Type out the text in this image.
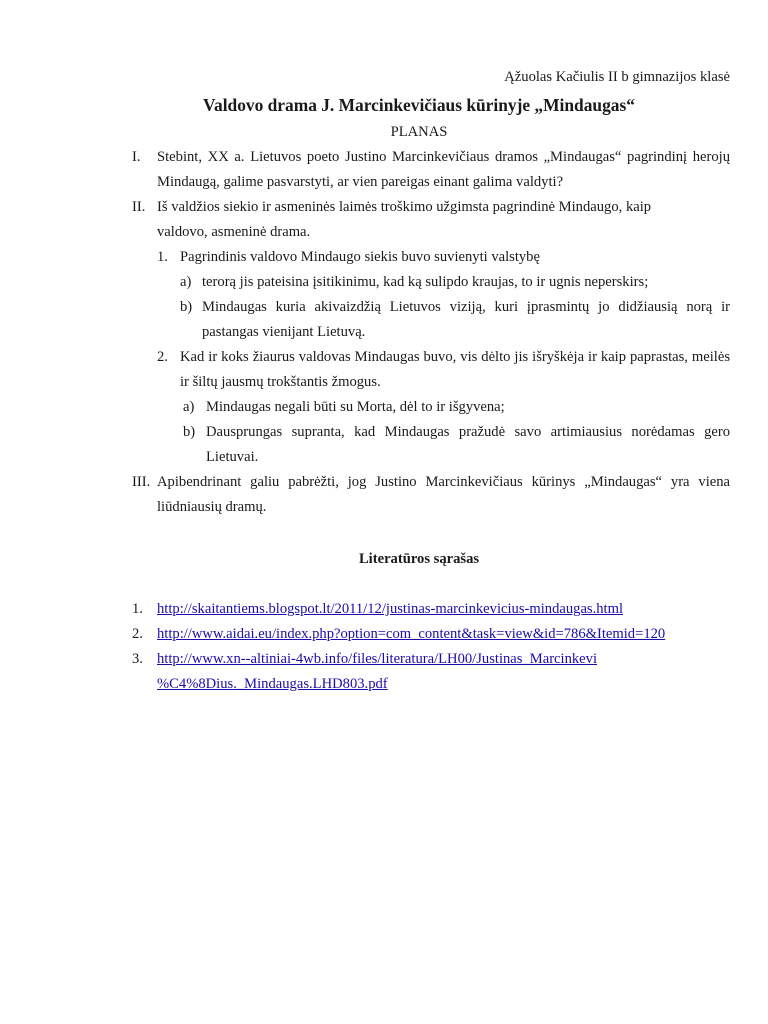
Ąžuolas Kačiulis II b gimnazijos klasė
Valdovo drama J. Marcinkevičiaus kūrinyje „Mindaugas“
PLANAS
I. Stebint, XX a. Lietuvos poeto Justino Marcinkevičiaus dramos „Mindaugas“ pagrindinį herojų Mindaugą, galime pasvarstyti, ar vien pareigas einant galima valdyti?
II. Iš valdžios siekio ir asmeninės laimės troškimo užgimsta pagrindinė Mindaugo, kaip valdovo, asmeninė drama.
1. Pagrindinis valdovo Mindaugo siekis buvo suvienyti valstybę
a) terorą jis pateisina įsitikinimu, kad ką sulipdo kraujas, to ir ugnis neperskirs;
b) Mindaugas kuria akivaizdžią Lietuvos viziją, kuri įprasmintų jo didžiausią norą ir pastangas vienijant Lietuvą.
2. Kad ir koks žiaurus valdovas Mindaugas buvo, vis dėlto jis išryškėja ir kaip paprastas, meilės ir šiltų jausmų trokštantis žmogus.
a) Mindaugas negali būti su Morta, dėl to ir išgyvena;
b) Dausprungas supranta, kad Mindaugas pražudė savo artimiausius norėdamas gero Lietuvai.
III. Apibendrinant galiu pabrėžti, jog Justino Marcinkevičiaus kūrinys „Mindaugas“ yra viena liūdniausių dramų.
Literatūros sąrašas
1. http://skaitantiems.blogspot.lt/2011/12/justinas-marcinkevicius-mindaugas.html
2. http://www.aidai.eu/index.php?option=com_content&task=view&id=786&Itemid=120
3. http://www.xn--altiniai-4wb.info/files/literatura/LH00/Justinas_Marcinkevi
%C4%8Dius._Mindaugas.LHD803.pdf
